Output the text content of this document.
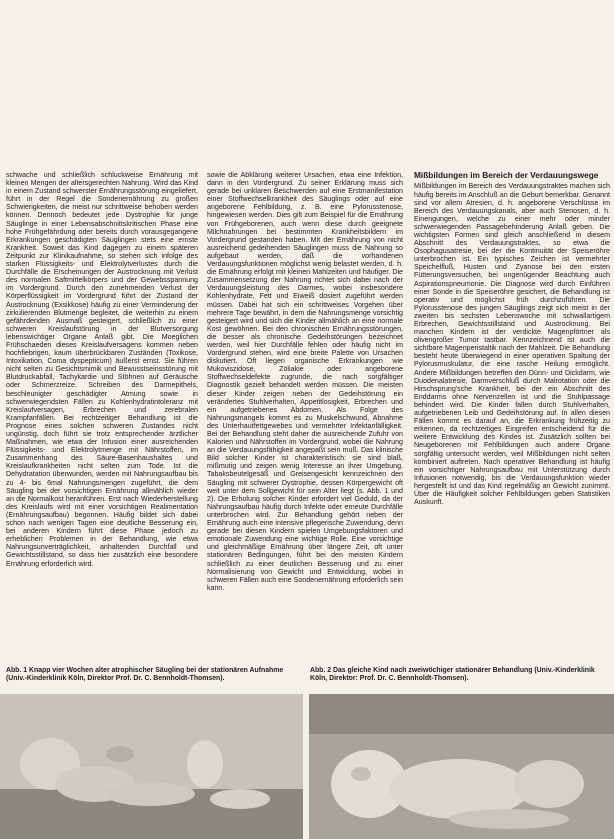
schwache und schließlich schluckweise Ernährung mit kleinen Mengen der altersgerechten Nahrung. Wird das Kind in einem Zustand schwerster Ernährungsstörung eingeliefert, führt in der Regel die Sondenernährung zu großen Schwierigkeiten, die meist nur schrittweise behoben werden können. Dennoch bedeutet jede Dystrophie für junge Säuglinge in einer Lebensabschnittskritischen Phase eine hohe Frühgefährdung oder bereits durch vorausgegangene Erkrankungen geschädigten Säuglingen stets eine ernste Krankheit. Soweit das Kind dagegen zu einem späteren Zeitpunkt zur Klinikaufnahme, so stehen sich infolge des starken Flüssigkeits- und Elektrolytverlustes durch die Durchfälle die Erscheinungen der Austrocknung mit Verlust des normalen Saftmittelkörpers und der Gewebsspannung im Vordergrund. Durch den zunehmenden Verlust der Körperflüssigkeit im Vordergrund führt der Zustand der Austrocknung (Exsikkose) häufig zu einer Verminderung der zirkulierenden Blutmenge begleitet, die weiterhin zu einem gefährdenden Ausmaß gesteigert, schließlich zu einer schweren Kreislaufstörung in der Blutversorgung lebenswichtiger Organe Anlaß gibt. Die Moeglichen Frühschaeden dieses Kreislaufversagens kommen neben hochfiebrigen, kaum überbrückbaren Zuständen (Toxikose, Intoxikation, Coma dyspepticum) äußerst ernst. Sie führen nicht selten zu Gesichtsmimik und Bewusstseinsstörung mit Blutdruckabfall, Tachykardie und Stöhnen auf Geräusche oder Schmerzreize. Schreiben des Darmepithels, beschleunigter geschädigter Atmung sowie in schwerwiegendsten Fällen zu Kohlenhydratintoleranz mit Kreislaufversagen, Erbrechen und zerebralen Krampfanfällen. Bei rechtzeitiger Behandlung ist die Prognose eines solchen schweren Zustandes nicht ungünstig, doch führt sie trotz entsprechender ärztlicher Maßnahmen, wie etwa der Infusion einer ausreichenden Flüssigkeits- und Elektrolytmenge mit Nährstoffen, im Zusammenhang des Säure-Basenhaushaltes und Kreislaufkrankheiten nicht selten zum Tode. Ist die Dehydratation überwunden, werden mit Nahrungsaufbau bis zu 4- bis 6mal Nahrungsmengen zugeführt, die dem Säugling bei der vorsichtigen Ernährung allmählich wieder an die Normalkost heranführen. Erst nach Wiederherstellung des Kreislaufs wird mit einer vorsichtigen Realimentation (Ernährungsaufbau) begonnen. Häufig bildet sich dabei schon nach wenigen Tagen eine deutliche Besserung ein, bei anderen Kindern führt diese Phase jedoch zu erheblichen Problemen in der Behandlung, wie etwa Nahrungsunverträglichkeit, anhaltenden Durchfall und Gewichtsstillstand, so dass hier zusätzlich eine besondere Ernährung erforderlich wird.

sowie die Abklärung weiterer Ursachen, etwa eine Infektion, dann in den Vordergrund. Zu seiner Erklärung muss sich gerade bei unklaren Beschwerden auf eine Erstmanifestation einer Stoffwechselkrankheit des Säuglings oder auf eine angeborene Fehlbildung, z. B. eine Pylorusstenose, hingewiesen werden. Dies gilt zum Beispiel für die Ernährung von Frühgeborenen, auch wenn diese durch geeignete Milchnahrungen bei bestimmten Krankheitsbildern im Vordergrund gestanden haben. Mit der Ernährung von nicht ausreichend gedeihenden Säuglingen muss die Nahrung so aufgebaut werden, daß die vorhandenen Verdauungsfunktionen möglichst wenig belastet werden, d. h. die Ernährung erfolgt mit kleinen Mahlzeiten und häufiger. Die Zusammensetzung der Nahrung richtet sich dabei nach der Verdauungsleistung des Darmes, wobei insbesondere Kohlenhydrate, Fett und Eiweiß dosiert zugeführt werden müssen. Dabei hat sich ein schrittweises Vorgehen über mehrere Tage bewährt, in dem die Nahrungsmenge vorsichtig gesteigert wird und sich die Kinder allmählich an eine normale Kost gewöhnen. Bei den chronischen Ernährungsstörungen, die besser als chronische Gedeihstörungen bezeichnet werden, weil hier Durchfälle fehlen oder häufig nicht im Vordergrund stehen, wird eine breite Palette von Ursachen diskutiert. Oft liegen organische Erkrankungen wie Mukoviszidose, Zöliakie oder angeborene Stoffwechseldefekte zugrunde, die nach sorgfältiger Diagnostik gezielt behandelt werden müssen. Die meisten dieser Kinder zeigen neben der Gedeihstörung ein verändertes Stuhlverhalten, Appetitlosigkeit, Erbrechen und ein aufgetriebenes Abdomen. Als Folge des Nahrungsmangels kommt es zu Muskelschwund, Abnahme des Unterhautfettgewebes und vermehrter Infektanfälligkeit. Bei der Behandlung steht daher die ausreichende Zufuhr von Kalorien und Nährstoffen im Vordergrund, wobei die Nahrung an die Verdauungsfähigkeit angepaßt sein muß. Das klinische Bild solcher Kinder ist charakteristisch: sie sind blaß, mißmutig und zeigen wenig Interesse an ihrer Umgebung. Tabaksbeutelgesäß und Greisengesicht kennzeichnen den Säugling mit schwerer Dystrophie, dessen Körpergewicht oft weit unter dem Sollgewicht für sein Alter liegt (s. Abb. 1 und 2). Die Erholung solcher Kinder erfordert viel Geduld, da der Nahrungsaufbau häufig durch Infekte oder erneute Durchfälle unterbrochen wird. Zur Behandlung gehört neben der Ernährung auch eine intensive pflegerische Zuwendung, denn gerade bei diesen Kindern spielen Umgebungsfaktoren und emotionale Zuwendung eine wichtige Rolle. Eine vorsichtige und gleichmäßige Ernährung über längere Zeit, oft unter stationären Bedingungen, führt bei den meisten Kindern schließlich zu einer deutlichen Besserung und zu einer Normalisierung von Gewicht und Entwicklung, wobei in schweren Fällen auch eine Sondenernährung erforderlich sein kann.

Mißbildungen im Bereich der Verdauungswege

Mißbildungen im Bereich des Verdauungstraktes machen sich häufig bereits im Anschluß an die Geburt bemerkbar. Genannt sind vor allem Atresien, d. h. angeborene Verschlüsse im Bereich des Verdauungskanals, aber auch Stenosen, d. h. Einengungen, welche zu einer mehr oder minder schwerwiegenden Passagebehinderung Anlaß geben. Die wichtigsten Formen sind gleich anschließend in diesem Abschnitt des Verdauungstraktes, so etwa die Ösophagusatresie, bei der die Kontinuität der Speiseröhre unterbrochen ist. Ein typisches Zeichen ist vermehrter Speichelfluß, Husten und Zyanose bei den ersten Fütterungsversuchen, bei ungenügender Beachtung auch Aspirationspneumonie. Die Diagnose wird durch Einführen einer Sonde in die Speiseröhre gesichert, die Behandlung ist operativ und möglichst früh durchzuführen. Die Pylorusstenose des jungen Säuglings zeigt sich meist in der zweiten bis sechsten Lebenswoche mit schwallartigem Erbrechen, Gewichtsstillstand und Austrocknung. Bei manchen Kindern ist der verdickte Magenpförtner als olivengroßer Tumor tastbar. Kennzeichnend ist auch die sichtbare Magenperistaltik nach der Mahlzeit. Die Behandlung besteht heute überwiegend in einer operativen Spaltung der Pylorusmuskulatur, die eine rasche Heilung ermöglicht. Andere Mißbildungen betreffen den Dünn- und Dickdarm, wie Duodenalatresie, Darmverschluß durch Malrotation oder die Hirschsprung'sche Krankheit, bei der ein Abschnitt des Enddarms ohne Nervenzellen ist und die Stuhlpassage behindert wird. Die Kinder fallen durch Stuhlverhalten, aufgetriebenen Leib und Gedeihstörung auf. In allen diesen Fällen kommt es darauf an, die Erkrankung frühzeitig zu erkennen, da rechtzeitiges Eingreifen entscheidend für die weitere Entwicklung des Kindes ist. Zusätzlich sollten bei Neugeborenen mit Fehlbildungen auch andere Organe sorgfältig untersucht werden, weil Mißbildungen nicht selten kombiniert auftreten. Nach operativer Behandlung ist häufig ein vorsichtiger Nahrungsaufbau mit Unterstützung durch Infusionen notwendig, bis die Verdauungsfunktion wieder hergestellt ist und das Kind regelmäßig an Gewicht zunimmt. Über die Häufigkeit solcher Fehlbildungen geben Statistiken Auskunft.

Abb. 1 Knapp vier Wochen alter atrophischer Säugling bei der stationären Aufnahme (Univ.-Kinderklinik Köln, Direktor Prof. Dr. C. Bennholdt-Thomsen).
Abb. 2 Das gleiche Kind nach zweiwöchiger stationärer Behandlung (Univ.-Kinderklinik Köln, Direktor: Prof. Dr. C. Bennholdt-Thomsen).
